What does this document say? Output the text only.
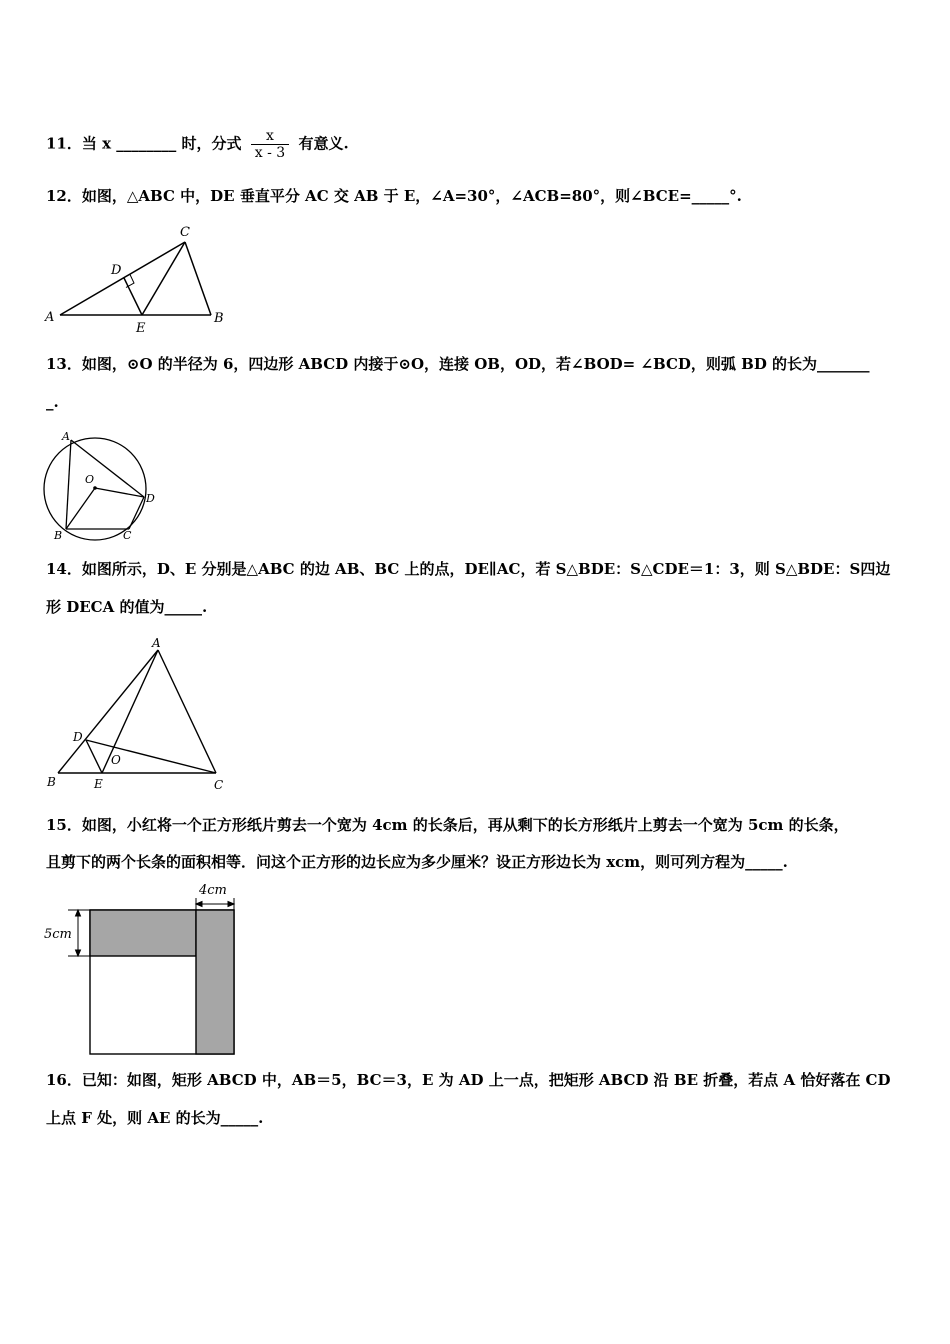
11．当 x ________ 时，分式 $\frac{x}{x - 3}$ 有意义.
12．如图，△ABC 中，DE 垂直平分 AC 交 AB 于 E，∠A=30°，∠ACB=80°，则∠BCE=_____°.
A	B
C
D
E
13．如图，⊙O 的半径为 6，四边形 ABCD 内接于⊙O，连接 OB，OD，若∠BOD= ∠BCD，则弧 BD 的长为_______
_.
A
B	C
D
O
14．如图所示，D、E 分别是△ABC 的边 AB、BC 上的点，DE∥AC，若 S△BDE：S△CDE＝1：3，则 S△BDE：S四边
形 DECA 的值为_____.
A
B	C
D
E
O
15．如图，小红将一个正方形纸片剪去一个宽为 4cm 的长条后，再从剩下的长方形纸片上剪去一个宽为 5cm 的长条，
且剪下的两个长条的面积相等．问这个正方形的边长应为多少厘米？设正方形边长为 xcm，则可列方程为_____.
4cm
5cm
16．已知：如图，矩形 ABCD 中，AB＝5，BC＝3，E 为 AD 上一点，把矩形 ABCD 沿 BE 折叠，若点 A 恰好落在 CD
上点 F 处，则 AE 的长为_____.
